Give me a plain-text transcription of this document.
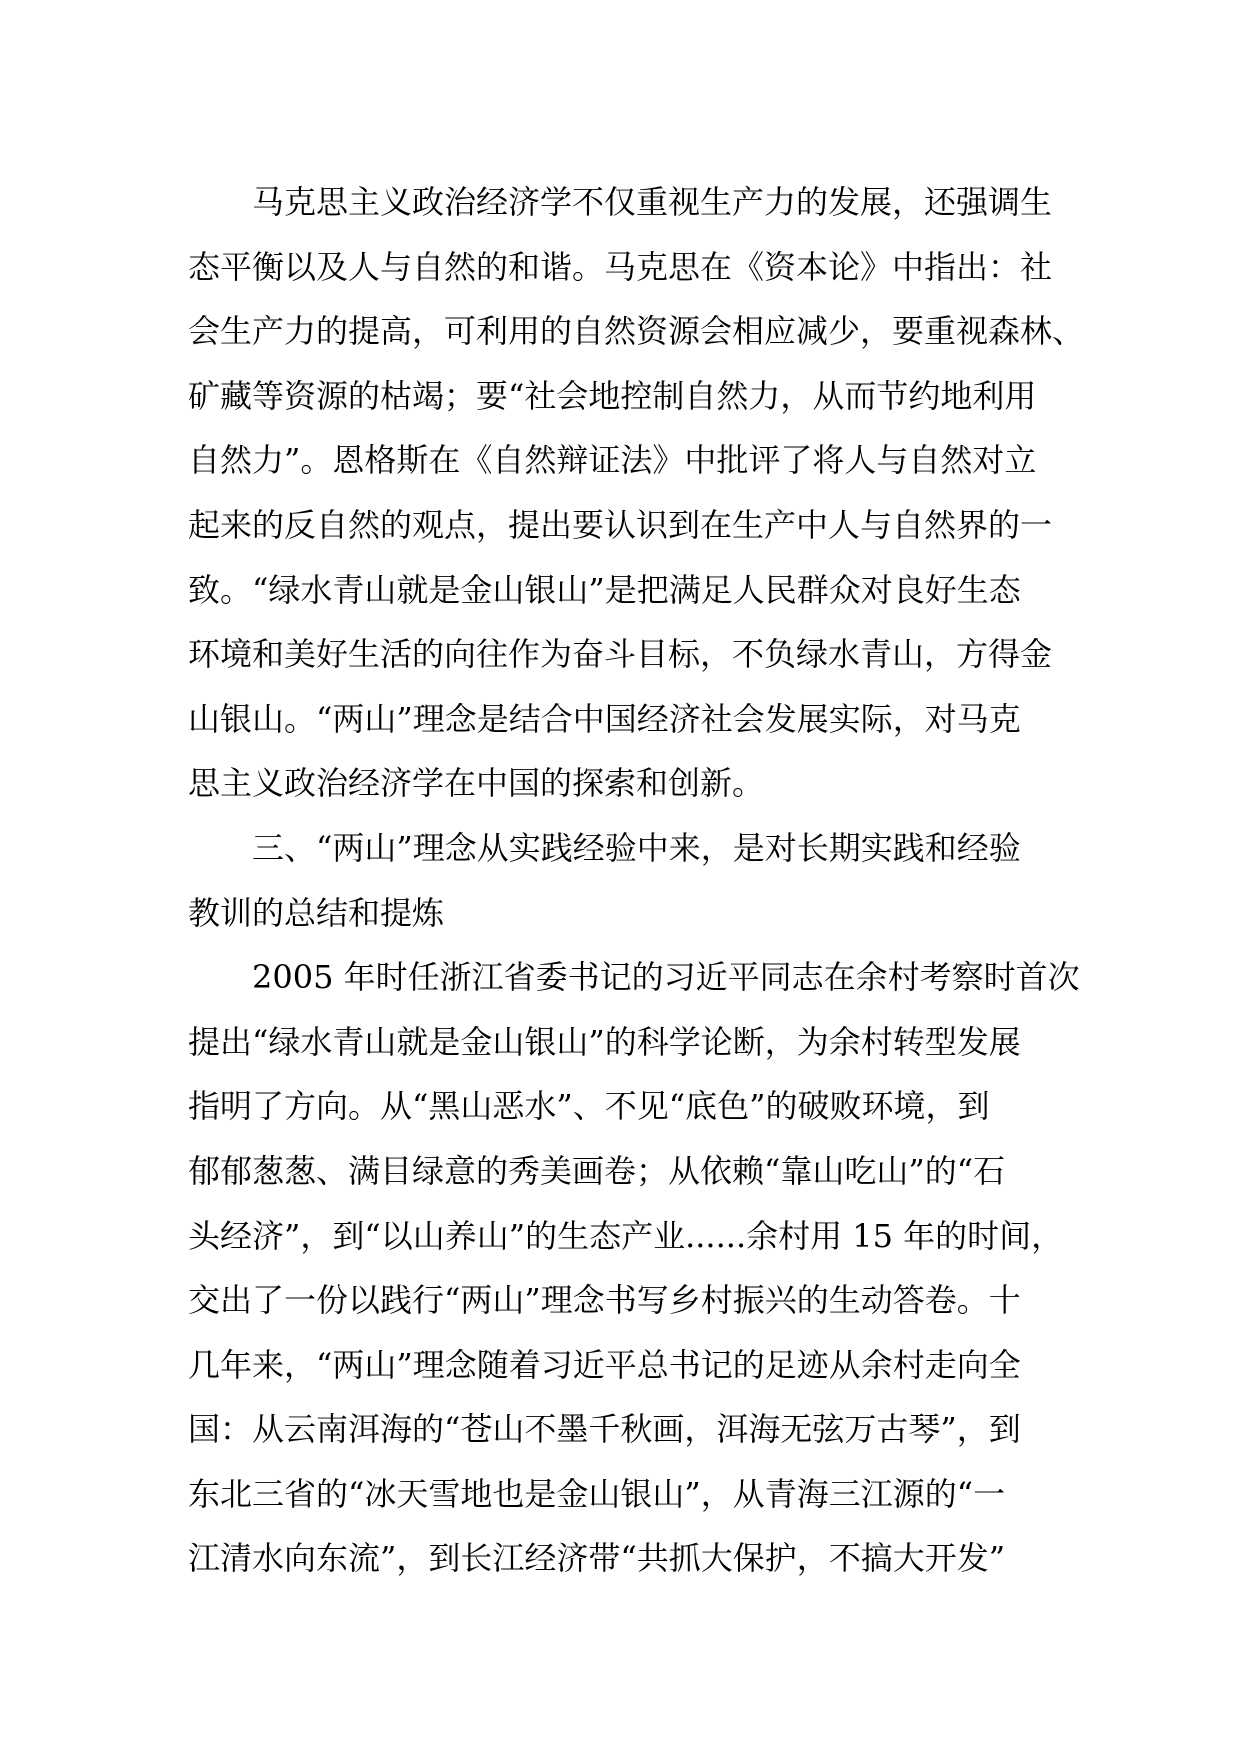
马克思主义政治经济学不仅重视生产力的发展，还强调生
态平衡以及人与自然的和谐。马克思在《资本论》中指出：社
会生产力的提高，可利用的自然资源会相应减少，要重视森林、
矿藏等资源的枯竭；要“社会地控制自然力，从而节约地利用
自然力”。恩格斯在《自然辩证法》中批评了将人与自然对立
起来的反自然的观点，提出要认识到在生产中人与自然界的一
致。“绿水青山就是金山银山”是把满足人民群众对良好生态
环境和美好生活的向往作为奋斗目标，不负绿水青山，方得金
山银山。“两山”理念是结合中国经济社会发展实际，对马克
思主义政治经济学在中国的探索和创新。
三、“两山”理念从实践经验中来，是对长期实践和经验
教训的总结和提炼
2005 年时任浙江省委书记的习近平同志在余村考察时首次
提出“绿水青山就是金山银山”的科学论断，为余村转型发展
指明了方向。从“黑山恶水”、不见“底色”的破败环境，到
郁郁葱葱、满目绿意的秀美画卷；从依赖“靠山吃山”的“石
头经济”，到“以山养山”的生态产业......余村用 15 年的时间，
交出了一份以践行“两山”理念书写乡村振兴的生动答卷。十
几年来，“两山”理念随着习近平总书记的足迹从余村走向全
国：从云南洱海的“苍山不墨千秋画，洱海无弦万古琴”，到
东北三省的“冰天雪地也是金山银山”，从青海三江源的“一
江清水向东流”，到长江经济带“共抓大保护，不搞大开发”
